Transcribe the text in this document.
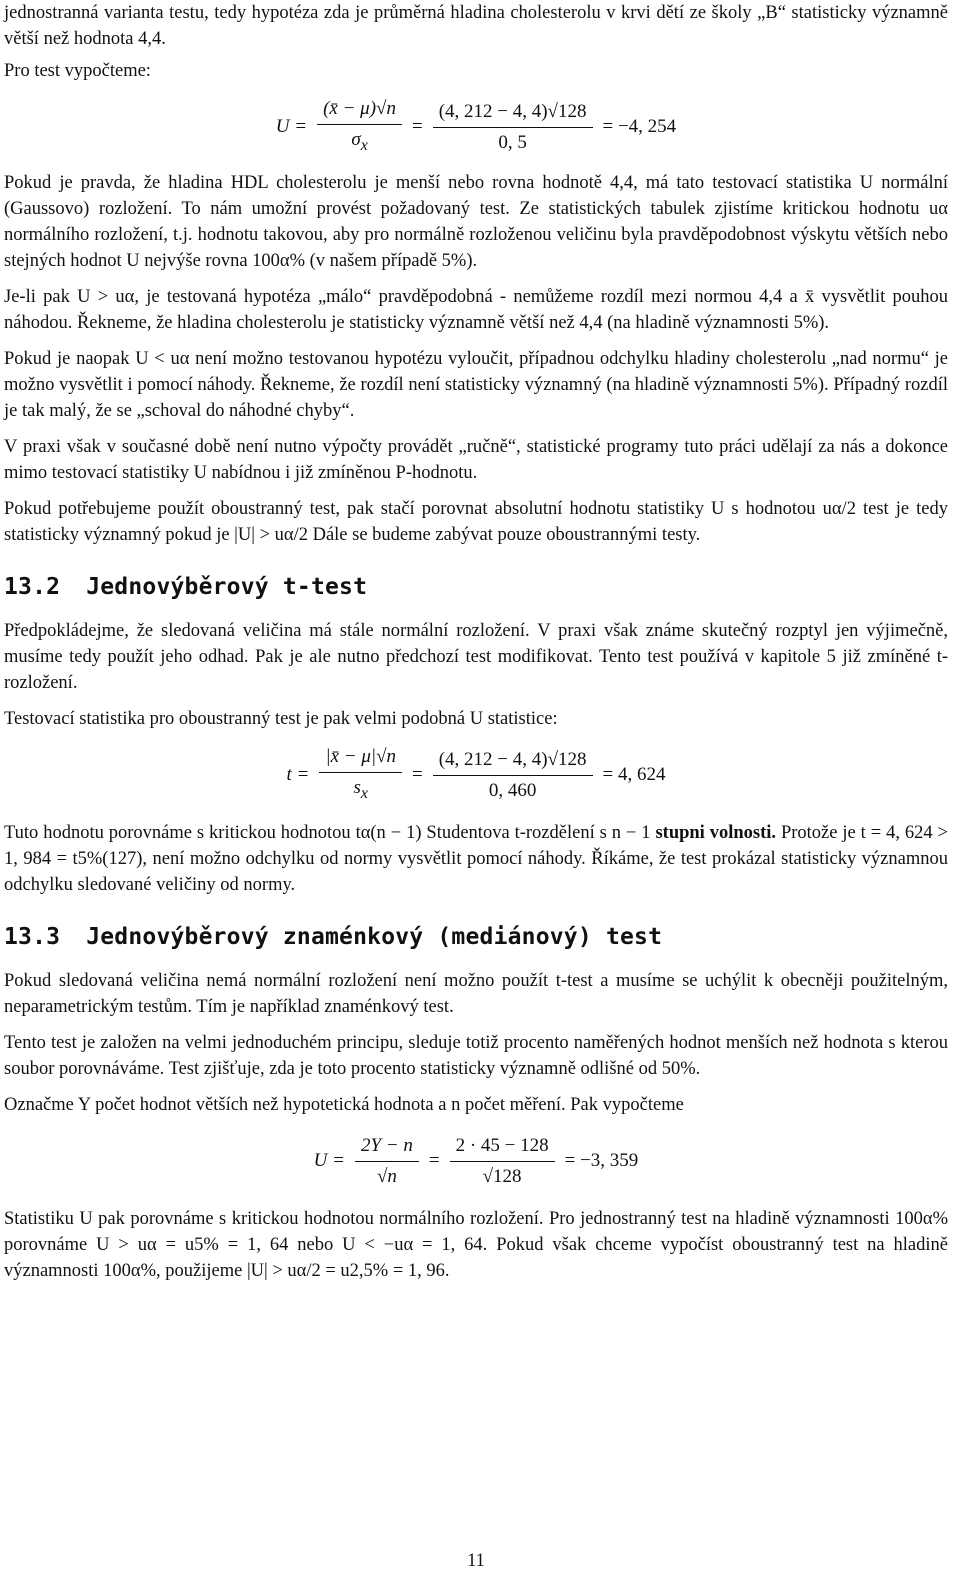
jednostranná varianta testu, tedy hypotéza zda je průměrná hladina cholesterolu v krvi dětí ze školy „B“ statisticky významně větší než hodnota 4,4.

Pro test vypočteme:

$U = \frac{(x̄ - \mu)√n}{\sigma_x} = \frac{(4, 212 - 4, 4)√128}{0, 5} = -4$, 254

Pokud je pravda, že hladina HDL cholesterolu je menší nebo rovna hodnotě 4,4, má tato testovací statistika U normální (Gaussovo) rozložení. To nám umožní provést požadovaný test. Ze statistických tabulek zjistíme kritickou hodnotu uα normálního rozložení, t.j. hodnotu takovou, aby pro normálně rozloženou veličinu byla pravděpodobnost výskytu větších nebo stejných hodnot U nejvýše rovna 100α% (v našem případě 5%).

Je-li pak U > uα, je testovaná hypotéza „málo“ pravděpodobná - nemůžeme rozdíl mezi normou 4,4 a x̄ vysvětlit pouhou náhodou. Řekneme, že hladina cholesterolu je statisticky významně větší než 4,4 (na hladině významnosti 5%).

Pokud je naopak U < uα není možno testovanou hypotézu vyloučit, případnou odchylku hladiny cholesterolu „nad normu“ je možno vysvětlit i pomocí náhody. Řekneme, že rozdíl není statisticky významný (na hladině významnosti 5%). Případný rozdíl je tak malý, že se „schoval do náhodné chyby“.

V praxi však v současné době není nutno výpočty provádět „ručně“, statistické programy tuto práci udělají za nás a dokonce mimo testovací statistiky U nabídnou i již zmíněnou P-hodnotu.

Pokud potřebujeme použít oboustranný test, pak stačí porovnat absolutní hodnotu statistiky U s hodnotou uα/2 test je tedy statisticky významný pokud je |U| > uα/2 Dále se budeme zabývat pouze oboustrannými testy.

13.2 Jednovýběrový t-test

Předpokládejme, že sledovaná veličina má stále normální rozložení. V praxi však známe skutečný rozptyl jen výjimečně, musíme tedy použít jeho odhad. Pak je ale nutno předchozí test modifikovat. Tento test používá v kapitole 5 již zmíněné t-rozložení.

Testovací statistika pro oboustranný test je pak velmi podobná U statistice:

$t = \frac{|x̄ - \mu|√n}{s_x} = \frac{(4, 212 - 4, 4)√128}{0, 460} = 4$, 624

Tuto hodnotu porovnáme s kritickou hodnotou tα(n − 1) Studentova t-rozdělení s n − 1 stupni volnosti. Protože je t = 4, 624 > 1, 984 = t5%(127), není možno odchylku od normy vysvětlit pomocí náhody. Říkáme, že test prokázal statisticky významnou odchylku sledované veličiny od normy.

13.3 Jednovýběrový znaménkový (mediánový) test

Pokud sledovaná veličina nemá normální rozložení není možno použít t-test a musíme se uchýlit k obecněji použitelným, neparametrickým testům. Tím je například znaménkový test.

Tento test je založen na velmi jednoduchém principu, sleduje totiž procento naměřených hodnot menších než hodnota s kterou soubor porovnáváme. Test zjišťuje, zda je toto procento statisticky významně odlišné od 50%.

Označme Y počet hodnot větších než hypotetická hodnota a n počet měření. Pak vypočteme

$U = \frac{2Y - n}{√n} = \frac{2 \cdot 45 - 128}{√128} = -3$, 359

Statistiku U pak porovnáme s kritickou hodnotou normálního rozložení. Pro jednostranný test na hladině významnosti 100α% porovnáme U > uα = u5% = 1, 64 nebo U < −uα = 1, 64. Pokud však chceme vypočíst oboustranný test na hladině významnosti 100α%, použijeme |U| > uα/2 = u2,5% = 1, 96.

11
